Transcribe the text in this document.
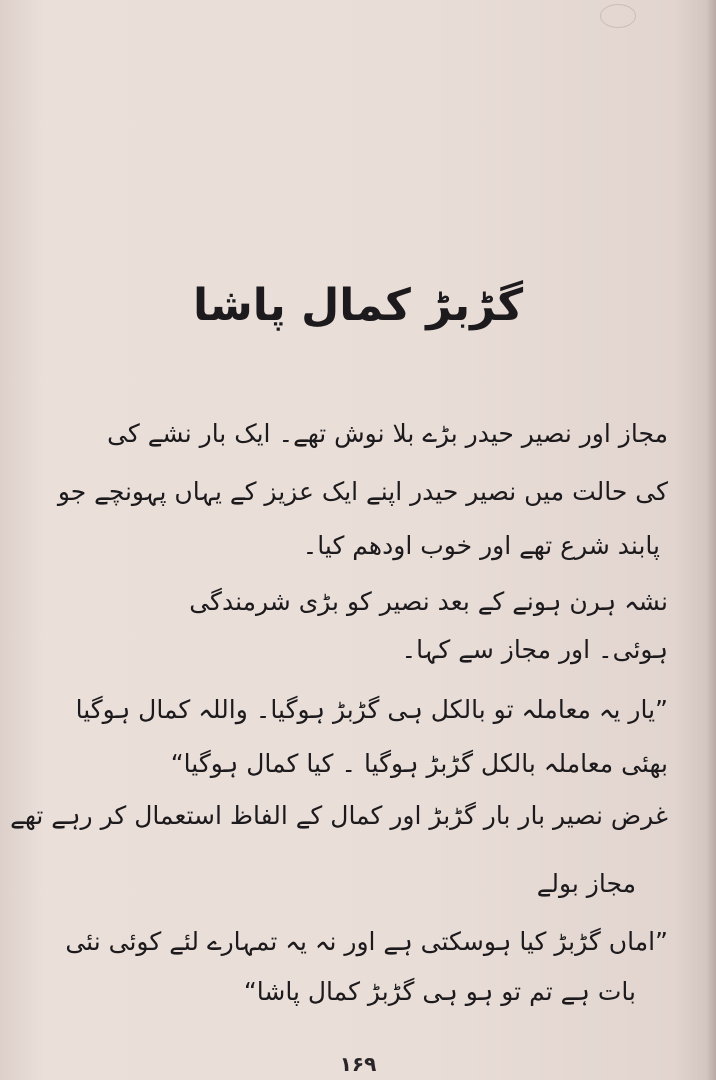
گڑبڑ کمال پاشا

مجاز اور نصیر حیدر بڑے بلا نوش تھے۔ ایک بار نشے کی

کی حالت میں نصیر حیدر اپنے ایک عزیز کے یہاں پہونچے جو

پابند شرع تھے اور خوب اودھم کیا۔

نشہ ہرن ہونے کے بعد نصیر کو بڑی شرمندگی

ہوئی۔ اور مجاز سے کہا۔

”یار یہ معاملہ تو بالکل ہی گڑبڑ ہوگیا۔ واللہ کمال ہوگیا

بھئی معاملہ بالکل گڑبڑ ہوگیا ۔ کیا کمال ہوگیا“

غرض نصیر بار بار گڑبڑ اور کمال کے الفاظ استعمال کر رہے تھے

مجاز بولے

”اماں گڑبڑ کیا ہوسکتی ہے اور نہ یہ تمہارے لئے کوئی نئی

بات ہے تم تو ہو ہی گڑبڑ کمال پاشا“

۱۶۹
